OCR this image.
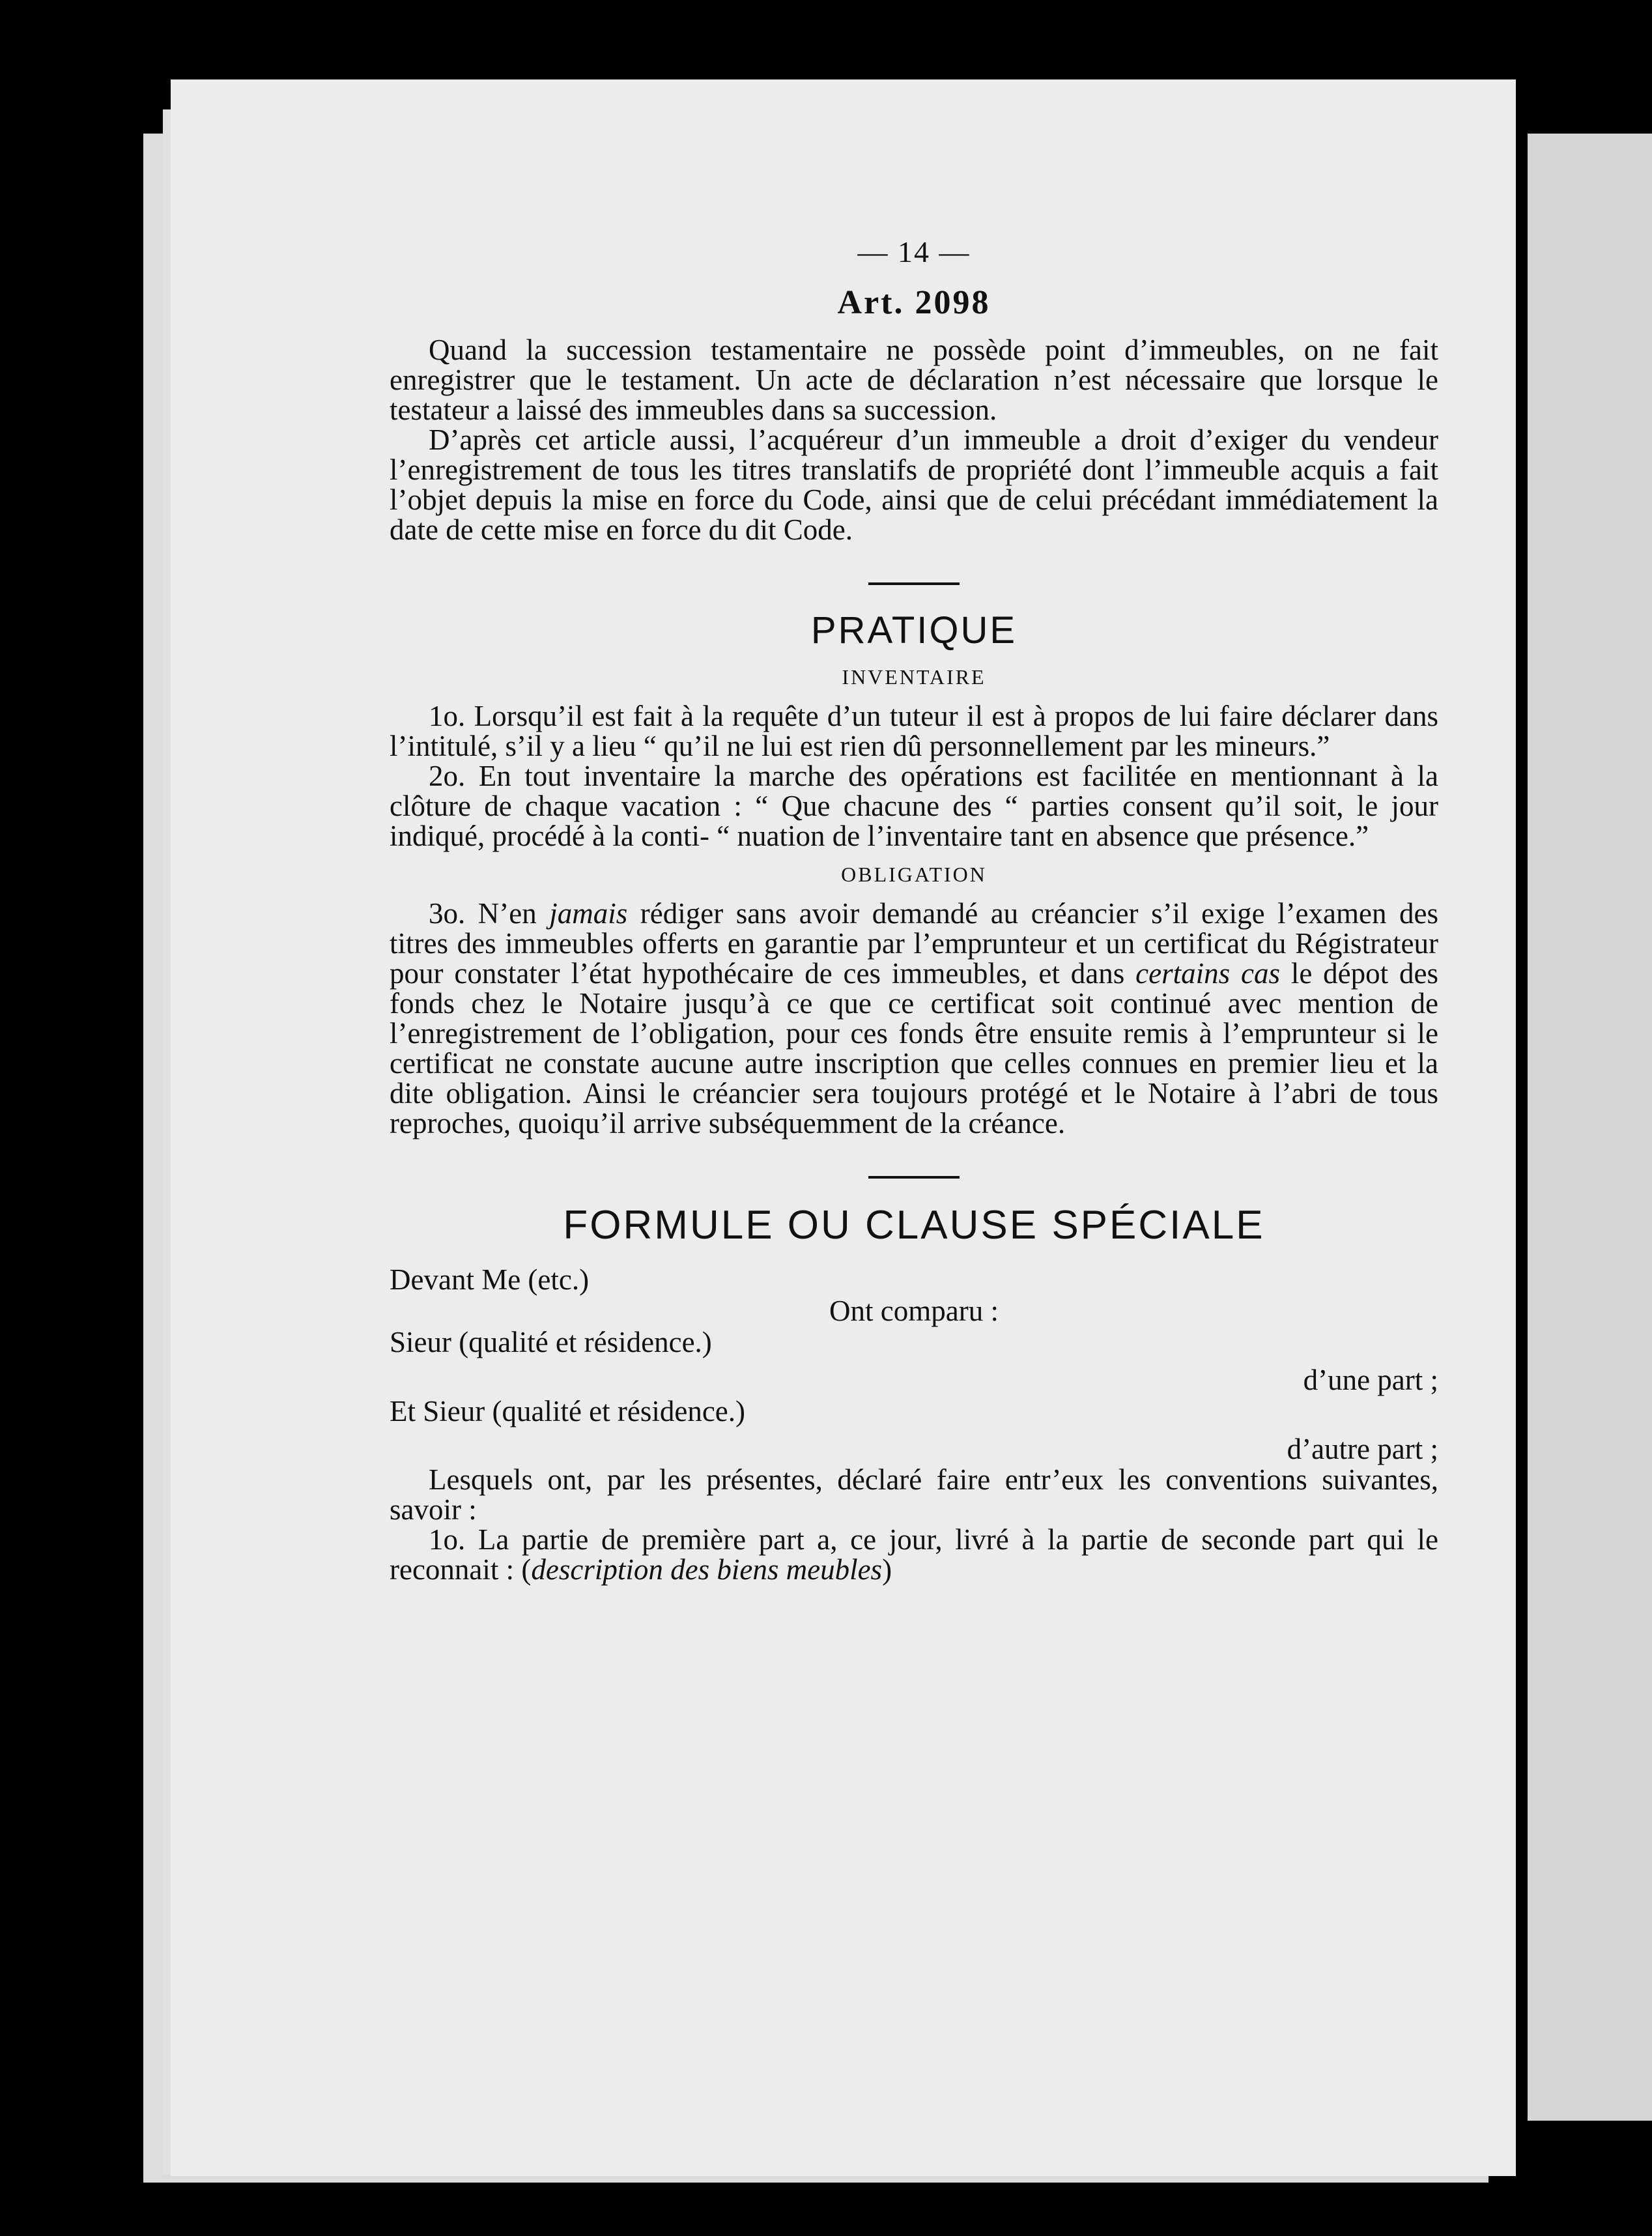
— 14 —
Art. 2098

Quand la succession testamentaire ne possède point d’immeubles, on ne fait enregistrer que le testament. Un acte de déclaration n’est nécessaire que lorsque le testateur a laissé des immeubles dans sa succession.

D’après cet article aussi, l’acquéreur d’un immeuble a droit d’exiger du vendeur l’enregistrement de tous les titres translatifs de propriété dont l’immeuble acquis a fait l’objet depuis la mise en force du Code, ainsi que de celui précédant immédiatement la date de cette mise en force du dit Code.

PRATIQUE
INVENTAIRE

1o. Lorsqu’il est fait à la requête d’un tuteur il est à propos de lui faire déclarer dans l’intitulé, s’il y a lieu “ qu’il ne lui est rien dû personnellement par les mineurs.”

2o. En tout inventaire la marche des opérations est facilitée en mentionnant à la clôture de chaque vacation : “ Que chacune des “ parties consent qu’il soit, le jour indiqué, procédé à la conti- “ nuation de l’inventaire tant en absence que présence.”

OBLIGATION

3o. N’en jamais rédiger sans avoir demandé au créancier s’il exige l’examen des titres des immeubles offerts en garantie par l’emprunteur et un certificat du Régistrateur pour constater l’état hypothécaire de ces immeubles, et dans certains cas le dépot des fonds chez le Notaire jusqu’à ce que ce certificat soit continué avec mention de l’enregistrement de l’obligation, pour ces fonds être ensuite remis à l’emprunteur si le certificat ne constate aucune autre inscription que celles connues en premier lieu et la dite obligation. Ainsi le créancier sera toujours protégé et le Notaire à l’abri de tous reproches, quoiqu’il arrive subséquemment de la créance.

FORMULE OU CLAUSE SPÉCIALE

Devant Me (etc.)

Ont comparu :

Sieur (qualité et résidence.)

d’une part ;

Et Sieur (qualité et résidence.)

d’autre part ;

Lesquels ont, par les présentes, déclaré faire entr’eux les conventions suivantes, savoir :

1o. La partie de première part a, ce jour, livré à la partie de seconde part qui le reconnait : (description des biens meubles)
